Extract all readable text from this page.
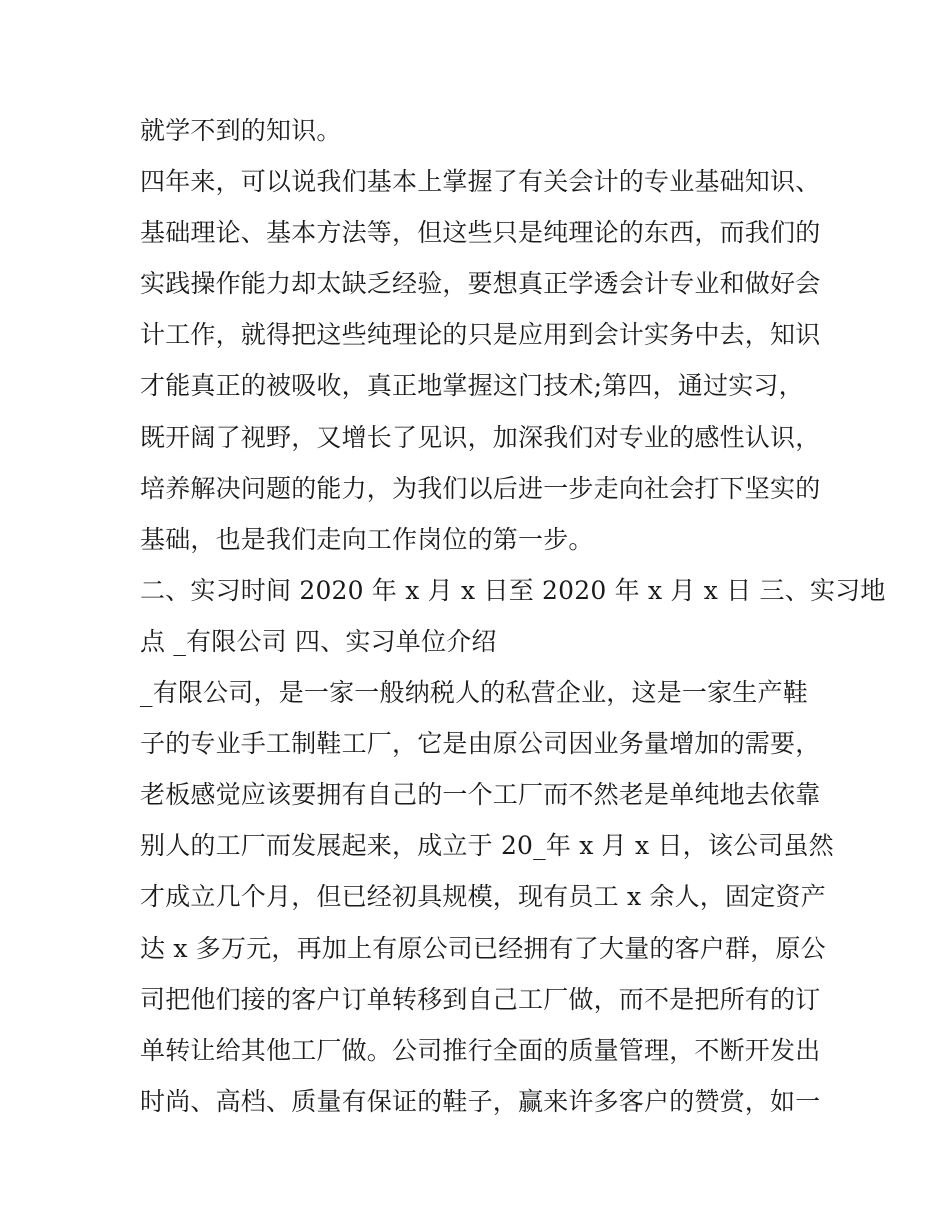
就学不到的知识。
四年来，可以说我们基本上掌握了有关会计的专业基础知识、
基础理论、基本方法等，但这些只是纯理论的东西，而我们的
实践操作能力却太缺乏经验，要想真正学透会计专业和做好会
计工作，就得把这些纯理论的只是应用到会计实务中去，知识
才能真正的被吸收，真正地掌握这门技术;第四，通过实习，
既开阔了视野，又增长了见识，加深我们对专业的感性认识，
培养解决问题的能力，为我们以后进一步走向社会打下坚实的
基础，也是我们走向工作岗位的第一步。
二、实习时间 2020 年 x 月 x 日至 2020 年 x 月 x 日 三、实习地
点 _有限公司 四、实习单位介绍
_有限公司，是一家一般纳税人的私营企业，这是一家生产鞋
子的专业手工制鞋工厂，它是由原公司因业务量增加的需要，
老板感觉应该要拥有自己的一个工厂而不然老是单纯地去依靠
别人的工厂而发展起来，成立于 20_年 x 月 x 日，该公司虽然
才成立几个月，但已经初具规模，现有员工 x 余人，固定资产
达 x 多万元，再加上有原公司已经拥有了大量的客户群，原公
司把他们接的客户订单转移到自己工厂做，而不是把所有的订
单转让给其他工厂做。公司推行全面的质量管理，不断开发出
时尚、高档、质量有保证的鞋子，赢来许多客户的赞赏，如一
